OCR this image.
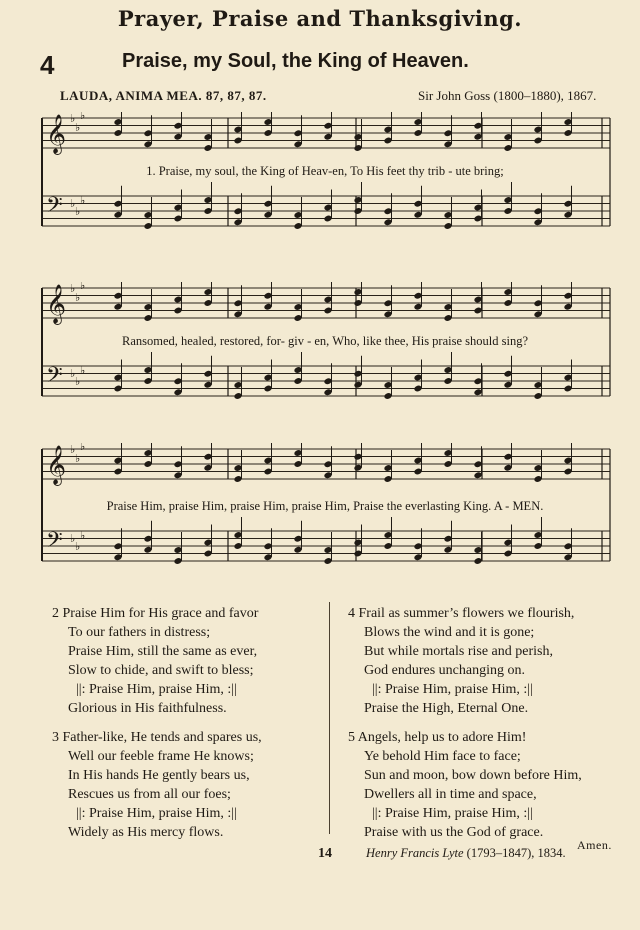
Prayer, Praise and Thanksgiving.
4	Praise, my Soul, the King of Heaven.
LAUDA, ANIMA MEA. 87, 87, 87.	Sir John Goss (1800–1880), 1867.
𝄞 ♭
♭
♭
𝄢 ♭
♭
♭
1. Praise, my soul, the King of Heav-en, To His feet thy trib - ute bring;
𝄞 ♭
♭
♭
𝄢 ♭
♭
♭
Ransomed, healed, restored, for- giv - en, Who, like thee, His praise should sing?
𝄞 ♭
♭
♭
𝄢 ♭
♭
♭
Praise Him, praise Him, praise Him, praise Him, Praise the everlasting King. A - MEN.
2 Praise Him for His grace and favor
To our fathers in distress;
Praise Him, still the same as ever,
Slow to chide, and swift to bless;
||: Praise Him, praise Him, :||
Glorious in His faithfulness.
3 Father-like, He tends and spares us,
Well our feeble frame He knows;
In His hands He gently bears us,
Rescues us from all our foes;
||: Praise Him, praise Him, :||
Widely as His mercy flows.
4 Frail as summer’s flowers we flourish,
Blows the wind and it is gone;
But while mortals rise and perish,
God endures unchanging on.
||: Praise Him, praise Him, :||
Praise the High, Eternal One.
5 Angels, help us to adore Him!
Ye behold Him face to face;
Sun and moon, bow down before Him,
Dwellers all in time and space,
||: Praise Him, praise Him, :||
Praise with us the God of grace.
Amen.
14	Henry Francis Lyte (1793–1847), 1834.
